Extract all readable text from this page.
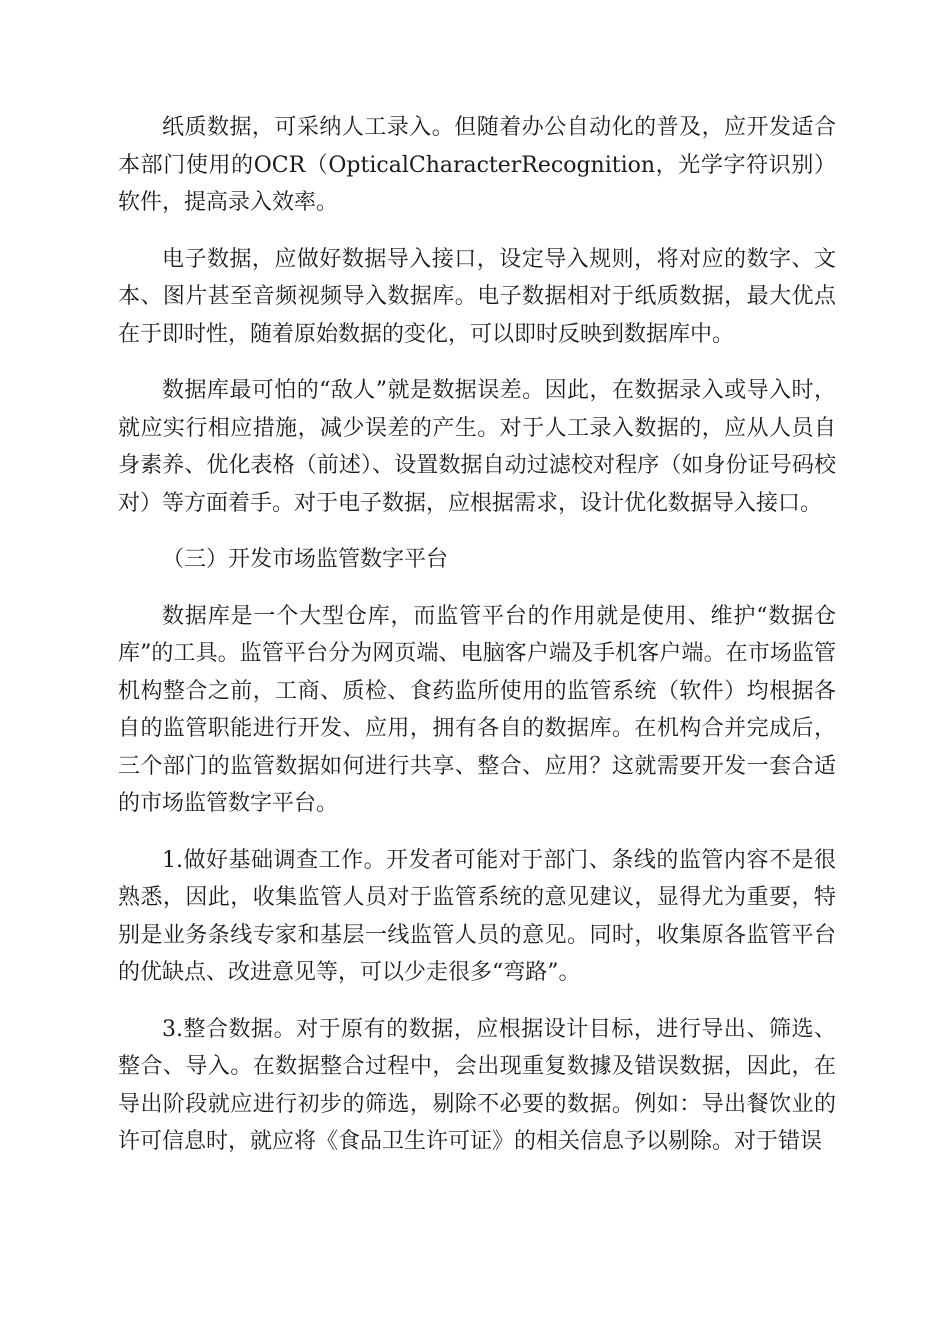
纸质数据，可采纳人工录入。但随着办公自动化的普及，应开发适合本部门使用的OCR（OpticalCharacterRecognition，光学字符识别）软件，提高录入效率。

电子数据，应做好数据导入接口，设定导入规则，将对应的数字、文本、图片甚至音频视频导入数据库。电子数据相对于纸质数据，最大优点在于即时性，随着原始数据的变化，可以即时反映到数据库中。

数据库最可怕的“敌人”就是数据误差。因此，在数据录入或导入时，就应实行相应措施，减少误差的产生。对于人工录入数据的，应从人员自身素养、优化表格（前述）、设置数据自动过滤校对程序（如身份证号码校对）等方面着手。对于电子数据，应根据需求，设计优化数据导入接口。

（三）开发市场监管数字平台

数据库是一个大型仓库，而监管平台的作用就是使用、维护“数据仓库”的工具。监管平台分为网页端、电脑客户端及手机客户端。在市场监管机构整合之前，工商、质检、食药监所使用的监管系统（软件）均根据各自的监管职能进行开发、应用，拥有各自的数据库。在机构合并完成后，三个部门的监管数据如何进行共享、整合、应用？这就需要开发一套合适的市场监管数字平台。

1.做好基础调查工作。开发者可能对于部门、条线的监管内容不是很熟悉，因此，收集监管人员对于监管系统的意见建议，显得尤为重要，特别是业务条线专家和基层一线监管人员的意见。同时，收集原各监管平台的优缺点、改进意见等，可以少走很多“弯路”。

3.整合数据。对于原有的数据，应根据设计目标，进行导出、筛选、整合、导入。在数据整合过程中，会出现重复数據及错误数据，因此，在导出阶段就应进行初步的筛选，剔除不必要的数据。例如：导出餐饮业的许可信息时，就应将《食品卫生许可证》的相关信息予以剔除。对于错误
